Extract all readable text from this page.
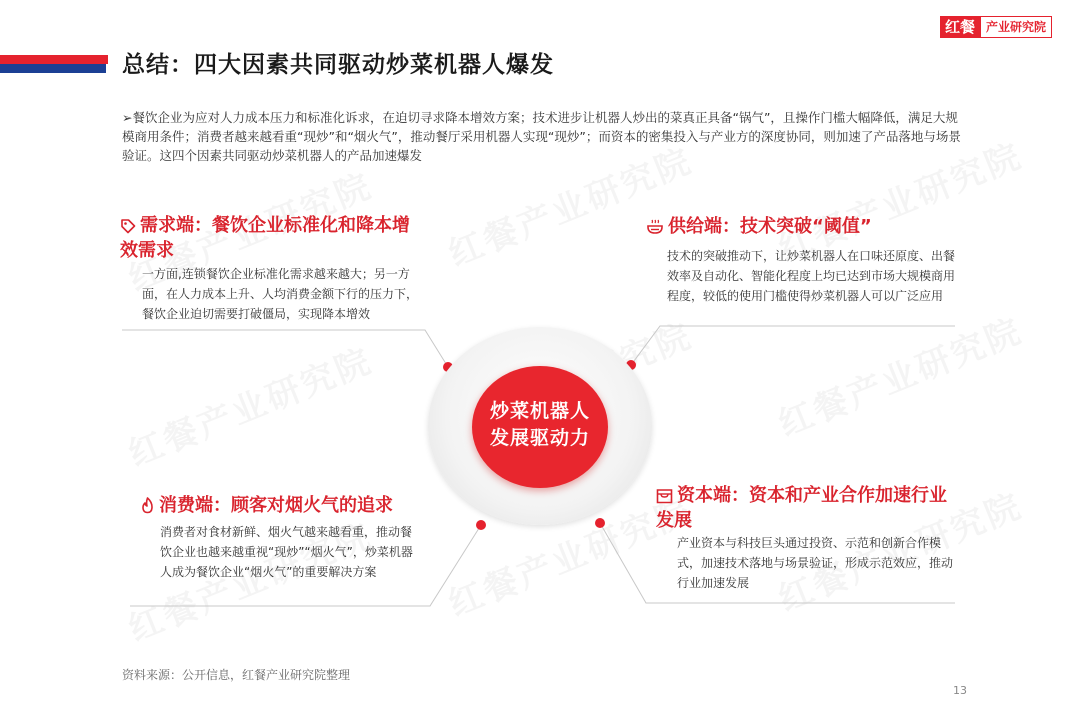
总结：四大因素共同驱动炒菜机器人爆发
红餐 产业研究院
➢餐饮企业为应对人力成本压力和标准化诉求，在迫切寻求降本增效方案；技术进步让机器人炒出的菜真正具备“锅气”，且操作门槛大幅降低，满足大规模商用条件；消费者越来越看重“现炒”和“烟火气”，推动餐厅采用机器人实现“现炒”；而资本的密集投入与产业方的深度协同，则加速了产品落地与场景验证。这四个因素共同驱动炒菜机器人的产品加速爆发
炒菜机器人
发展驱动力
需求端：餐饮企业标准化和降本增效需求
一方面,连锁餐饮企业标准化需求越来越大；另一方面，在人力成本上升、人均消费金额下行的压力下，餐饮企业迫切需要打破僵局，实现降本增效
供给端：技术突破“阈值”
技术的突破推动下，让炒菜机器人在口味还原度、出餐效率及自动化、智能化程度上均已达到市场大规模商用程度，较低的使用门槛使得炒菜机器人可以广泛应用
消费端：顾客对烟火气的追求
消费者对食材新鲜、烟火气越来越看重，推动餐饮企业也越来越重视“现炒”“烟火气”，炒菜机器人成为餐饮企业“烟火气”的重要解决方案
资本端：资本和产业合作加速行业发展
产业资本与科技巨头通过投资、示范和创新合作模式，加速技术落地与场景验证，形成示范效应，推动行业加速发展
资料来源：公开信息，红餐产业研究院整理
13
